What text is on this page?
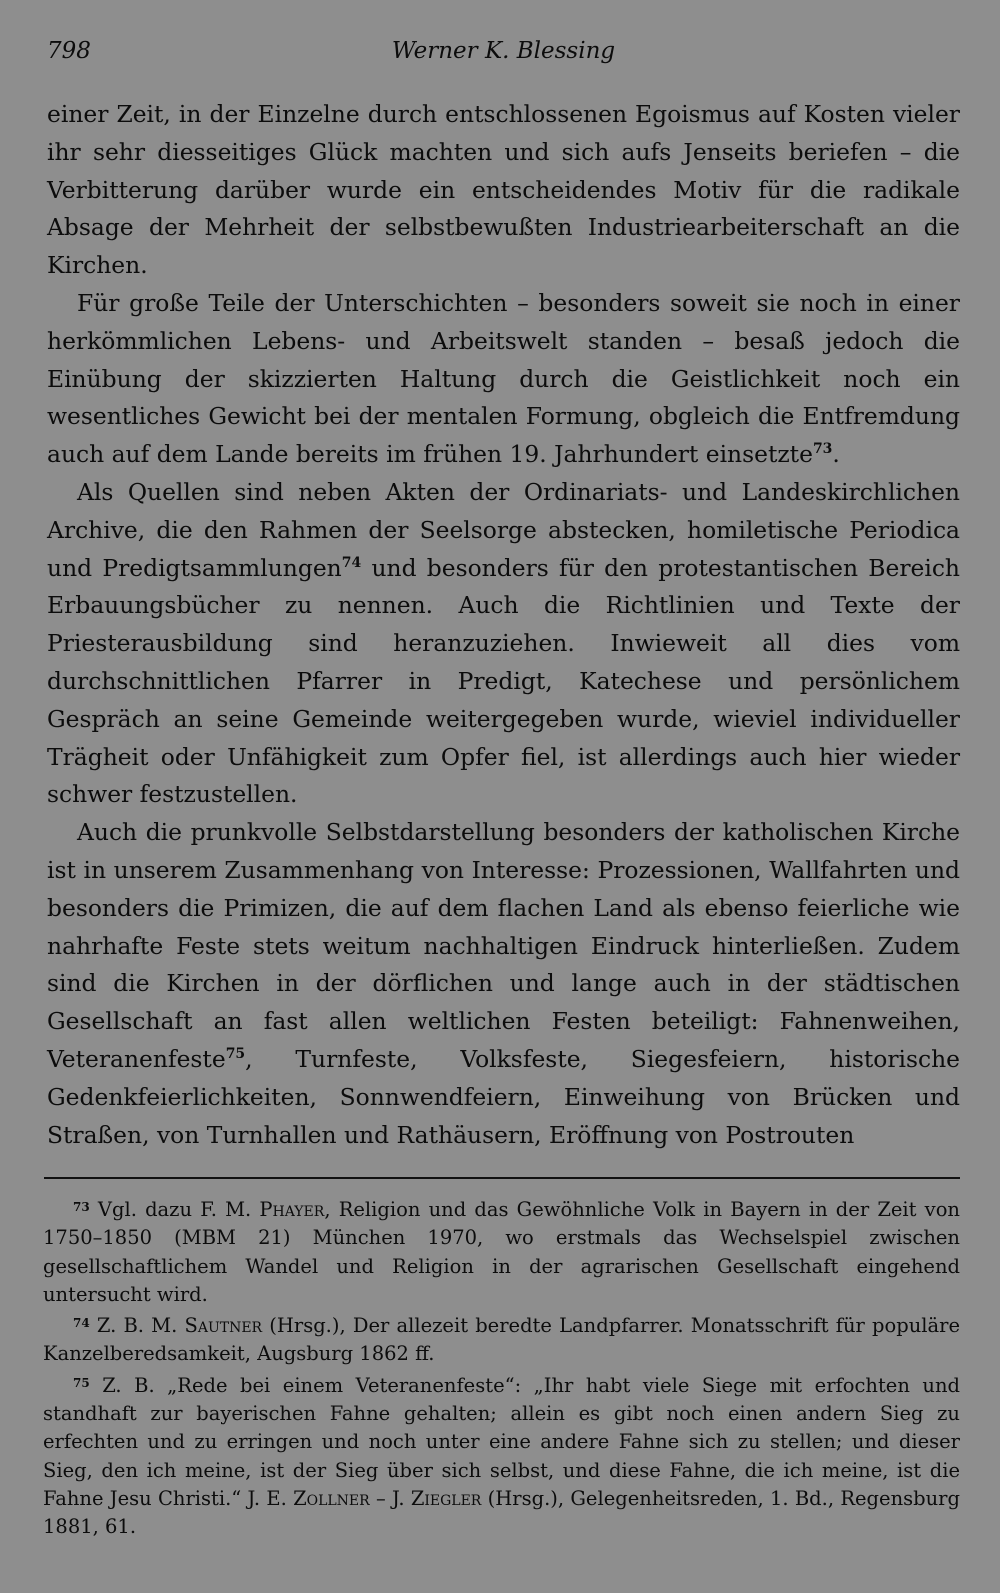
798	Werner K. Blessing

einer Zeit, in der Einzelne durch entschlossenen Egoismus auf Kosten vieler ihr sehr diesseitiges Glück machten und sich aufs Jenseits beriefen – die Verbitterung darüber wurde ein entscheidendes Motiv für die radikale Absage der Mehrheit der selbstbewußten Industriearbeiterschaft an die Kirchen.

Für große Teile der Unterschichten – besonders soweit sie noch in einer herkömmlichen Lebens- und Arbeitswelt standen – besaß jedoch die Einübung der skizzierten Haltung durch die Geistlichkeit noch ein wesentliches Gewicht bei der mentalen Formung, obgleich die Entfremdung auch auf dem Lande bereits im frühen 19. Jahrhundert einsetzte$^{73}$.

Als Quellen sind neben Akten der Ordinariats- und Landeskirchlichen Archive, die den Rahmen der Seelsorge abstecken, homiletische Periodica und Predigtsammlungen$^{74}$ und besonders für den protestantischen Bereich Erbauungsbücher zu nennen. Auch die Richtlinien und Texte der Priesterausbildung sind heranzuziehen. Inwieweit all dies vom durchschnittlichen Pfarrer in Predigt, Katechese und persönlichem Gespräch an seine Gemeinde weitergegeben wurde, wieviel individueller Trägheit oder Unfähigkeit zum Opfer fiel, ist allerdings auch hier wieder schwer festzustellen.

Auch die prunkvolle Selbstdarstellung besonders der katholischen Kirche ist in unserem Zusammenhang von Interesse: Prozessionen, Wallfahrten und besonders die Primizen, die auf dem flachen Land als ebenso feierliche wie nahrhafte Feste stets weitum nachhaltigen Eindruck hinterließen. Zudem sind die Kirchen in der dörflichen und lange auch in der städtischen Gesellschaft an fast allen weltlichen Festen beteiligt: Fahnenweihen, Veteranenfeste$^{75}$, Turnfeste, Volksfeste, Siegesfeiern, historische Gedenkfeierlichkeiten, Sonnwendfeiern, Einweihung von Brücken und Straßen, von Turnhallen und Rathäusern, Eröffnung von Postrouten

$^{73}$ Vgl. dazu F. M. Phayer, Religion und das Gewöhnliche Volk in Bayern in der Zeit von 1750–1850 (MBM 21) München 1970, wo erstmals das Wechselspiel zwischen gesellschaftlichem Wandel und Religion in der agrarischen Gesellschaft eingehend untersucht wird.

$^{74}$ Z. B. M. Sautner (Hrsg.), Der allezeit beredte Landpfarrer. Monatsschrift für populäre Kanzelberedsamkeit, Augsburg 1862 ff.

$^{75}$ Z. B. „Rede bei einem Veteranenfeste“: „Ihr habt viele Siege mit erfochten und standhaft zur bayerischen Fahne gehalten; allein es gibt noch einen andern Sieg zu erfechten und zu erringen und noch unter eine andere Fahne sich zu stellen; und dieser Sieg, den ich meine, ist der Sieg über sich selbst, und diese Fahne, die ich meine, ist die Fahne Jesu Christi.“ J. E. Zollner – J. Ziegler (Hrsg.), Gelegenheitsreden, 1. Bd., Regensburg 1881, 61.
